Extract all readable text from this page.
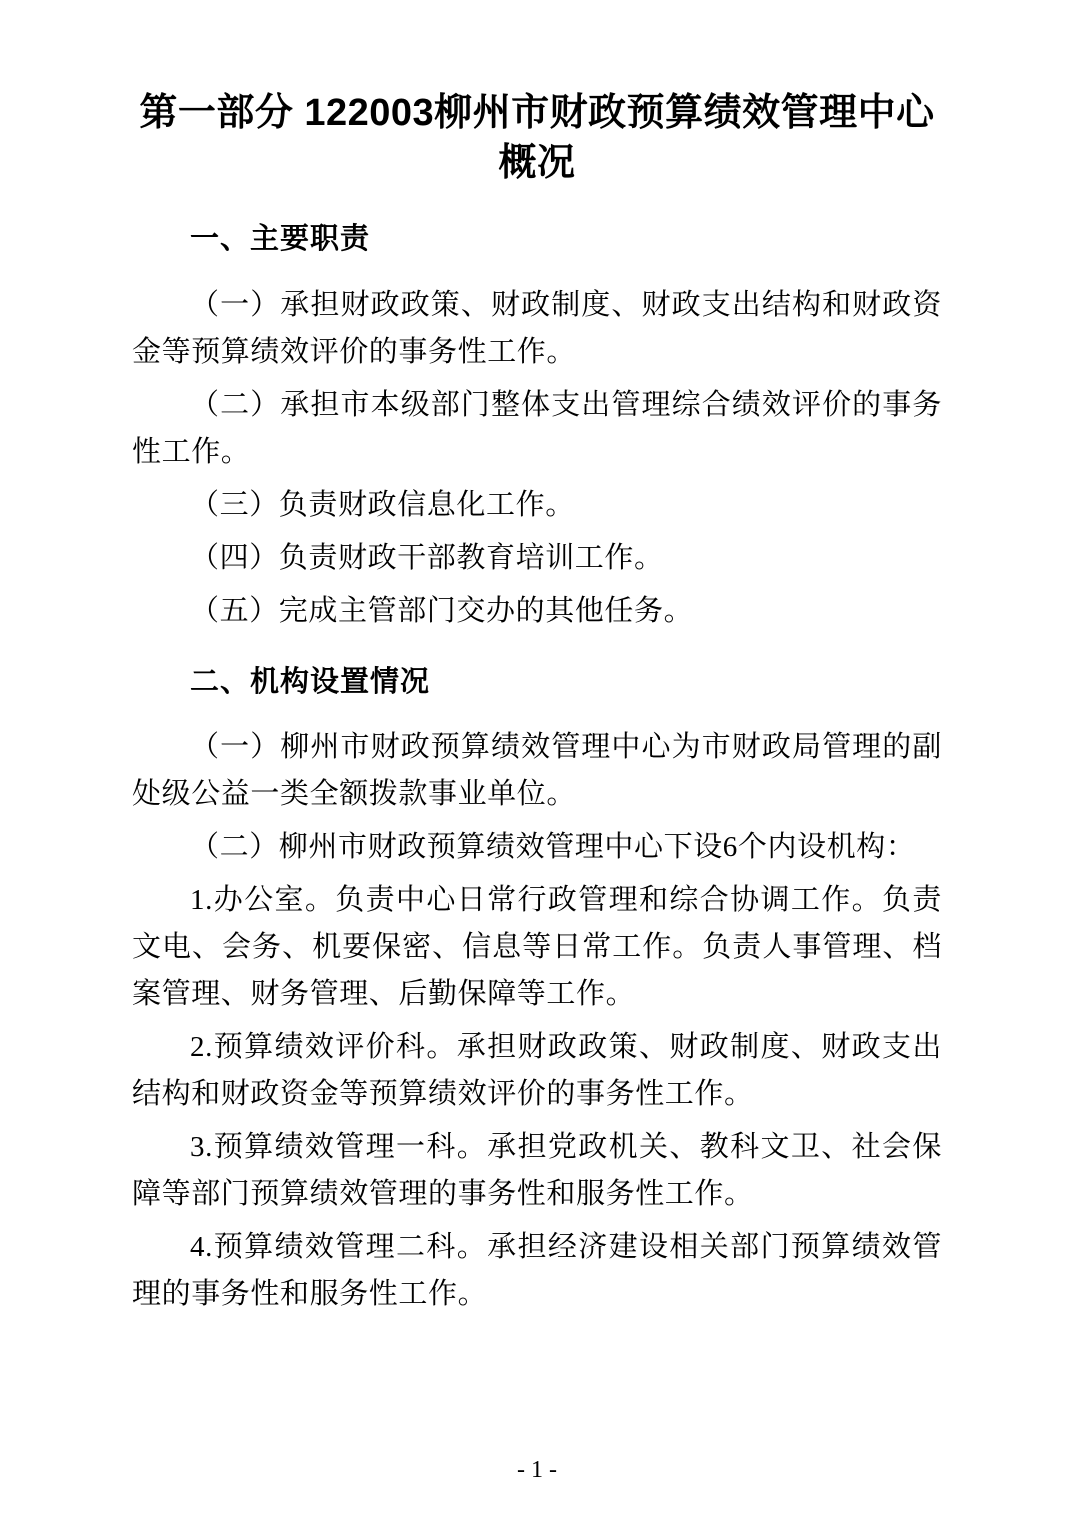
第一部分 122003柳州市财政预算绩效管理中心概况
一、主要职责

（一）承担财政政策、财政制度、财政支出结构和财政资金等预算绩效评价的事务性工作。

（二）承担市本级部门整体支出管理综合绩效评价的事务性工作。

（三）负责财政信息化工作。

（四）负责财政干部教育培训工作。

（五）完成主管部门交办的其他任务。

二、机构设置情况

（一）柳州市财政预算绩效管理中心为市财政局管理的副处级公益一类全额拨款事业单位。

（二）柳州市财政预算绩效管理中心下设6个内设机构：

1.办公室。负责中心日常行政管理和综合协调工作。负责文电、会务、机要保密、信息等日常工作。负责人事管理、档案管理、财务管理、后勤保障等工作。

2.预算绩效评价科。承担财政政策、财政制度、财政支出结构和财政资金等预算绩效评价的事务性工作。

3.预算绩效管理一科。承担党政机关、教科文卫、社会保障等部门预算绩效管理的事务性和服务性工作。

4.预算绩效管理二科。承担经济建设相关部门预算绩效管理的事务性和服务性工作。

- 1 -
